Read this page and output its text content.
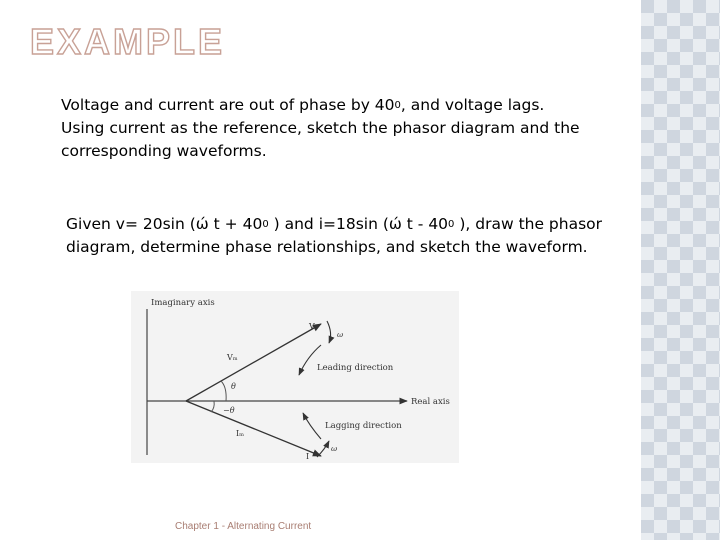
EXAMPLE
Voltage and current are out of phase by $40^0$, and voltage lags.
Using current as the reference, sketch the phasor diagram and the
corresponding waveforms.
Given v= 20sin (ώ $t + 40^0$ ) and i=18sin (ώ t - $40^0$ ), draw the phasor
diagram, determine phase relationships, and sketch the waveform.
Imaginary axis
Real axis
V
Vₘ
Iₘ
I
Leading direction
Lagging direction
θ
−θ
ω
ω

Chapter 1 - Alternating Current
